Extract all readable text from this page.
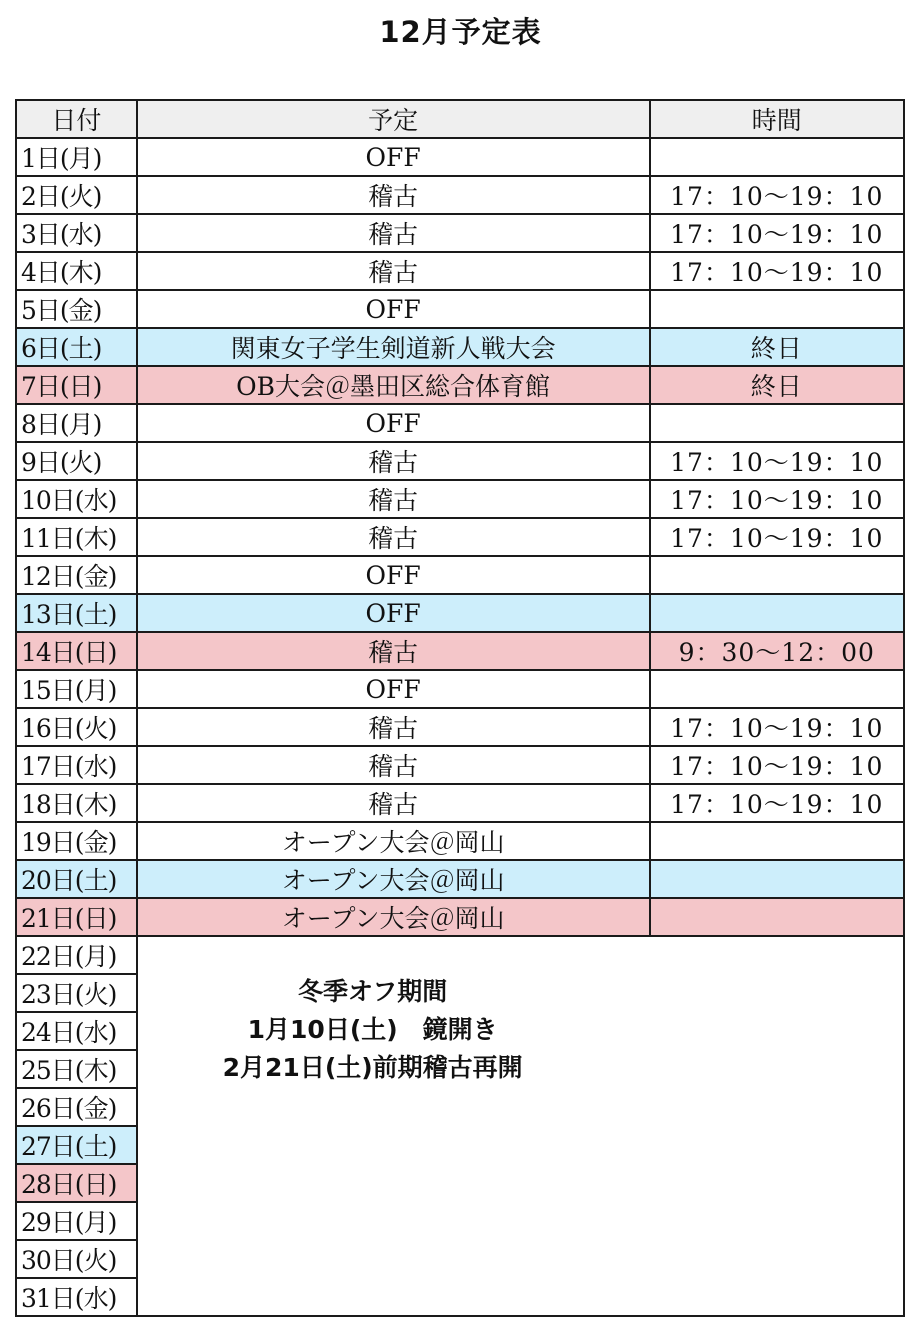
12月予定表
日付	予定	時間
1日(月)	OFF	
2日(火)	稽古	17：10〜19：10
3日(水)	稽古	17：10〜19：10
4日(木)	稽古	17：10〜19：10
5日(金)	OFF	
6日(土)	関東女子学生剣道新人戦大会	終日
7日(日)	OB大会＠墨田区総合体育館	終日
8日(月)	OFF	
9日(火)	稽古	17：10〜19：10
10日(水)	稽古	17：10〜19：10
11日(木)	稽古	17：10〜19：10
12日(金)	OFF	
13日(土)	OFF	
14日(日)	稽古	9：30〜12：00
15日(月)	OFF	
16日(火)	稽古	17：10〜19：10
17日(水)	稽古	17：10〜19：10
18日(木)	稽古	17：10〜19：10
19日(金)	オープン大会＠岡山	
20日(土)	オープン大会＠岡山	
21日(日)	オープン大会＠岡山	
22日(月)	冬季オフ期間
1月10日(土)　鏡開き
2月21日(土)前期稽古再開	

23日(火)		
24日(水)		
25日(木)		
26日(金)		
27日(土)		
28日(日)		
29日(月)		
30日(火)		
31日(水)		
